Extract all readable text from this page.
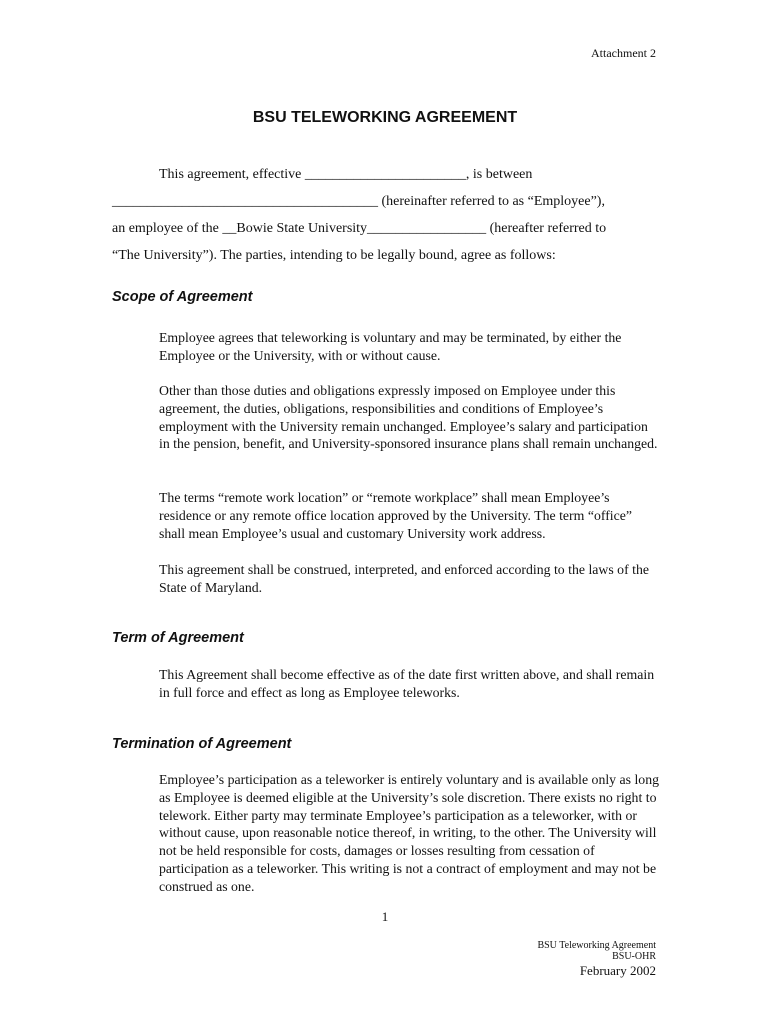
Attachment 2
BSU TELEWORKING AGREEMENT
This agreement, effective _______________________, is between
______________________________________ (hereinafter referred to as “Employee”),
an employee of the __Bowie State University_________________ (hereafter referred to
“The University”). The parties, intending to be legally bound, agree as follows:
Scope of Agreement

Employee agrees that teleworking is voluntary and may be terminated, by either the Employee or the University, with or without cause.

Other than those duties and obligations expressly imposed on Employee under this agreement, the duties, obligations, responsibilities and conditions of Employee’s employment with the University remain unchanged. Employee’s salary and participation in the pension, benefit, and University-sponsored insurance plans shall remain unchanged.

The terms “remote work location” or “remote workplace” shall mean Employee’s residence or any remote office location approved by the University. The term “office” shall mean Employee’s usual and customary University work address.

This agreement shall be construed, interpreted, and enforced according to the laws of the State of Maryland.

Term of Agreement

This Agreement shall become effective as of the date first written above, and shall remain in full force and effect as long as Employee teleworks.

Termination of Agreement

Employee’s participation as a teleworker is entirely voluntary and is available only as long as Employee is deemed eligible at the University’s sole discretion. There exists no right to telework. Either party may terminate Employee’s participation as a teleworker, with or without cause, upon reasonable notice thereof, in writing, to the other. The University will not be held responsible for costs, damages or losses resulting from cessation of participation as a teleworker. This writing is not a contract of employment and may not be construed as one.

1
BSU Teleworking Agreement
BSU-OHR
February 2002
